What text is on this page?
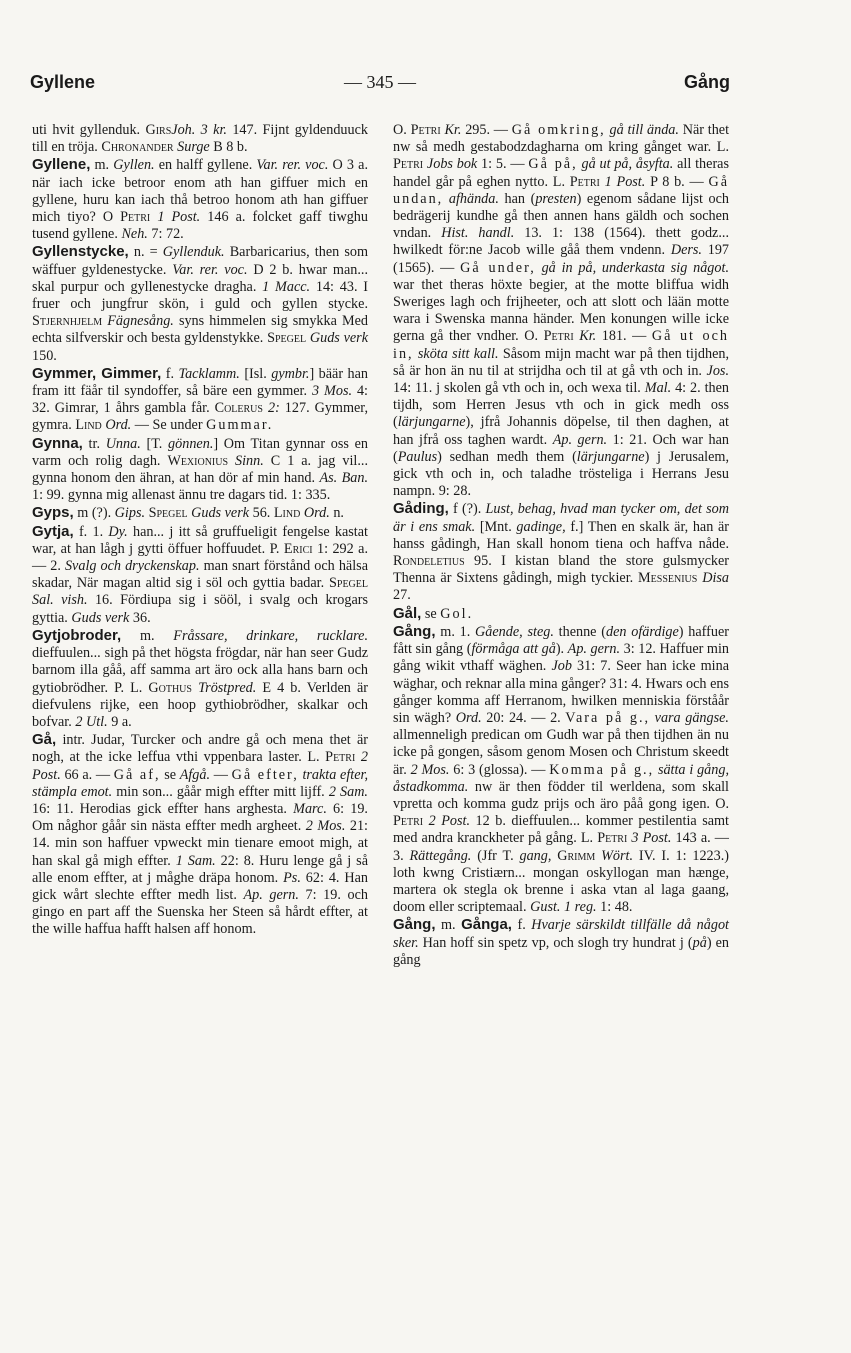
— 345 —
Gyllene	Gång

uti hvit gyllenduk. GirsJoh. 3 kr. 147. Fijnt gyldenduuck till en tröja. Chronander Surge B 8 b.

Gyllene, m. Gyllen. en halff gyllene. Var. rer. voc. O 3 a. när iach icke betroor enom ath han giffuer mich en gyllene, huru kan iach thå betroo honom ath han giffuer mich tiyo? O Petri 1 Post. 146 a. folcket gaff tiwghu tusend gyllene. Neh. 7: 72.

Gyllenstycke, n. = Gyllenduk. Barbaricarius, then som wäffuer gyldenestycke. Var. rer. voc. D 2 b. hwar man... skal purpur och gyllenestycke dragha. 1 Macc. 14: 43. I fruer och jungfrur skön, i guld och gyllen stycke. Stjernhjelm Fägnesång. syns himmelen sig smykka Med echta silfverskir och besta gyldenstykke. Spegel Guds verk 150.

Gymmer, Gimmer, f. Tacklamm. [Isl. gymbr.] bäär han fram itt fäår til syndoffer, så bäre een gymmer. 3 Mos. 4: 32. Gimrar, 1 åhrs gambla får. Colerus 2: 127. Gymmer, gymra. Lind Ord. — Se under Gummar.

Gynna, tr. Unna. [T. gönnen.] Om Titan gynnar oss en varm och rolig dagh. Wexionius Sinn. C 1 a. jag vil... gynna honom den ähran, at han dör af min hand. As. Ban. 1: 99. gynna mig allenast ännu tre dagars tid. 1: 335.

Gyps, m (?). Gips. Spegel Guds verk 56. Lind Ord. n.

Gytja, f. 1. Dy. han... j itt så gruffueligit fengelse kastat war, at han lågh j gytti öffuer hoffuudet. P. Erici 1: 292 a. — 2. Svalg och dryckenskap. man snart förstånd och hälsa skadar, När magan altid sig i söl och gyttia badar. Spegel Sal. vish. 16. Fördiupa sig i sööl, i svalg och krogars gyttia. Guds verk 36.

Gytjobroder, m. Fråssare, drinkare, rucklare. dieffuulen... sigh på thet högsta frögdar, när han seer Gudz barnom illa gåå, aff samma art äro ock alla hans barn och gytiobrödher. P. L. Gothus Tröstpred. E 4 b. Verlden är diefvulens rijke, een hoop gythiobrödher, skalkar och bofvar. 2 Utl. 9 a.

Gå, intr. Judar, Turcker och andre gå och mena thet är nogh, at the icke leffua vthi vppenbara laster. L. Petri 2 Post. 66 a. — Gå af, se Afgå. — Gå efter, trakta efter, stämpla emot. min son... gåår migh effter mitt lijff. 2 Sam. 16: 11. Herodias gick effter hans arghesta. Marc. 6: 19. Om någhor gåår sin nästa effter medh argheet. 2 Mos. 21: 14. min son haffuer vpweckt min tienare emoot migh, at han skal gå migh effter. 1 Sam. 22: 8. Huru lenge gå j så alle enom effter, at j måghe dräpa honom. Ps. 62: 4. Han gick wårt slechte effter medh list. Ap. gern. 7: 19. och gingo en part aff the Suenska her Steen så hårdt effter, at the wille haffua hafft halsen aff honom.

O. Petri Kr. 295. — Gå omkring, gå till ända. När thet nw så medh gestabodzdagharna om kring gånget war. L. Petri Jobs bok 1: 5. — Gå på, gå ut på, åsyfta. all theras handel går på eghen nytto. L. Petri 1 Post. P 8 b. — Gå undan, afhända. han (presten) egenom sådane lijst och bedrägerij kundhe gå then annen hans gäldh och sochen vndan. Hist. handl. 13. 1: 138 (1564). thett godz... hwilkedt för:ne Jacob wille gåå them vndenn. Ders. 197 (1565). — Gå under, gå in på, underkasta sig något. war thet theras höxte begier, at the motte bliffua widh Sweriges lagh och frijheeter, och att slott och lään motte wara i Swenska manna händer. Men konungen wille icke gerna gå ther vndher. O. Petri Kr. 181. — Gå ut och in, sköta sitt kall. Såsom mijn macht war på then tijdhen, så är hon än nu til at strijdha och til at gå vth och in. Jos. 14: 11. j skolen gå vth och in, och wexa til. Mal. 4: 2. then tijdh, som Herren Jesus vth och in gick medh oss (lärjungarne), jfrå Johannis döpelse, til then daghen, at han jfrå oss taghen wardt. Ap. gern. 1: 21. Och war han (Paulus) sedhan medh them (lärjungarne) j Jerusalem, gick vth och in, och taladhe trösteliga i Herrans Jesu nampn. 9: 28.

Gåding, f (?). Lust, behag, hvad man tycker om, det som är i ens smak. [Mnt. gadinge, f.] Then en skalk är, han är hanss gådingh, Han skall honom tiena och haffva nåde. Rondeletius 95. I kistan bland the store gulsmycker Thenna är Sixtens gådingh, migh tyckier. Messenius Disa 27.

Gål, se Gol.

Gång, m. 1. Gående, steg. thenne (den ofärdige) haffuer fått sin gång (förmåga att gå). Ap. gern. 3: 12. Haffuer min gång wikit vthaff wäghen. Job 31: 7. Seer han icke mina wäghar, och reknar alla mina gånger? 31: 4. Hwars och ens gånger komma aff Herranom, hwilken menniskia förståår sin wägh? Ord. 20: 24. — 2. Vara på g., vara gängse. allmenneligh predican om Gudh war på then tijdhen än nu icke på gongen, såsom genom Mosen och Christum skeedt är. 2 Mos. 6: 3 (glossa). — Komma på g., sätta i gång, åstadkomma. nw är then födder til werldena, som skall vpretta och komma gudz prijs och äro påå gong igen. O. Petri 2 Post. 12 b. dieffuulen... kommer pestilentia samt med andra kranckheter på gång. L. Petri 3 Post. 143 a. — 3. Rättegång. (Jfr T. gang, Grimm Wört. IV. I. 1: 1223.) loth kwng Cristiærn... mongan oskyllogan man hænge, martera ok stegla ok brenne i aska vtan al laga gaang, doom eller scriptemaal. Gust. 1 reg. 1: 48.

Gång, m. Gånga, f. Hvarje särskildt tillfälle då något sker. Han hoff sin spetz vp, och slogh try hundrat j (på) en gång
